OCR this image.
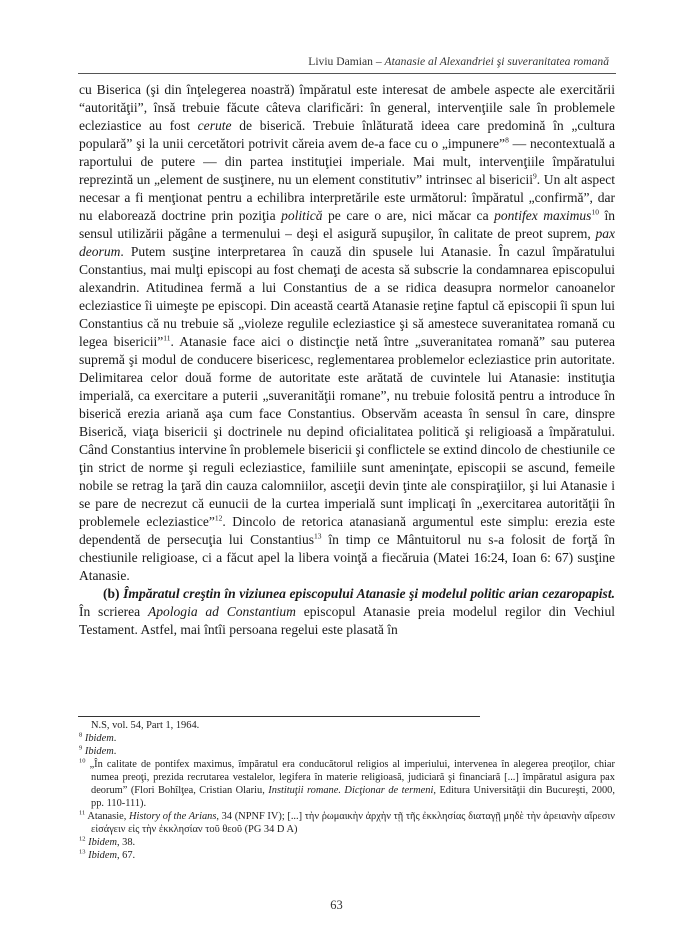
Liviu Damian – Atanasie al Alexandriei şi suveranitatea romană

cu Biserica (şi din înţelegerea noastră) împăratul este interesat de ambele aspecte ale exercitării “autorităţii”, însă trebuie făcute câteva clarificări: în general, intervenţiile sale în problemele ecleziastice au fost cerute de biserică. Trebuie înlăturată ideea care predomină în „cultura populară” şi la unii cercetători potrivit căreia avem de-a face cu o „impunere”$^8$ — necontextuală a raportului de putere — din partea instituţiei imperiale. Mai mult, intervenţiile împăratului reprezintă un „element de susţinere, nu un element constitutiv” intrinsec al bisericii$^9$. Un alt aspect necesar a fi menţionat pentru a echilibra interpretările este următorul: împăratul „confirmă”, dar nu elaborează doctrine prin poziţia politică pe care o are, nici măcar ca pontifex maximus$^{10}$ în sensul utilizării păgâne a termenului – deşi el asigură supuşilor, în calitate de preot suprem, pax deorum. Putem susţine interpretarea în cauză din spusele lui Atanasie. În cazul împăratului Constantius, mai mulţi episcopi au fost chemaţi de acesta să subscrie la condamnarea episcopului alexandrin. Atitudinea fermă a lui Constantius de a se ridica deasupra normelor canoanelor ecleziastice îi uimeşte pe episcopi. Din această ceartă Atanasie reţine faptul că episcopii îi spun lui Constantius că nu trebuie să „violeze regulile ecleziastice şi să amestece suveranitatea romană cu legea bisericii”$^{11}$. Atanasie face aici o distincţie netă între „suveranitatea romană” sau puterea supremă şi modul de conducere bisericesc, reglementarea problemelor ecleziastice prin autoritate. Delimitarea celor două forme de autoritate este arătată de cuvintele lui Atanasie: instituţia imperială, ca exercitare a puterii „suveranităţii romane”, nu trebuie folosită pentru a introduce în biserică erezia ariană aşa cum face Constantius. Observăm aceasta în sensul în care, dinspre Biserică, viaţa bisericii şi doctrinele nu depind oficialitatea politică şi religioasă a împăratului. Când Constantius intervine în problemele bisericii şi conflictele se extind dincolo de chestiunile ce ţin strict de norme şi reguli ecleziastice, familiile sunt ameninţate, episcopii se ascund, femeile nobile se retrag la ţară din cauza calomniilor, asceţii devin ţinte ale conspiraţiilor, şi lui Atanasie i se pare de necrezut că eunucii de la curtea imperială sunt implicaţi în „exercitarea autorităţii în problemele ecleziastice”$^{12}$. Dincolo de retorica atanasiană argumentul este simplu: erezia este dependentă de persecuţia lui Constantius$^{13}$ în timp ce Mântuitorul nu s-a folosit de forţă în chestiunile religioase, ci a făcut apel la libera voinţă a fiecăruia (Matei 16:24, Ioan 6: 67) susţine Atanasie.

(b) Împăratul creştin în viziunea episcopului Atanasie şi modelul politic arian cezaropapist. În scrierea Apologia ad Constantium episcopul Atanasie preia modelul regilor din Vechiul Testament. Astfel, mai întîi persoana regelui este plasată în

N.S, vol. 54, Part 1, 1964.

$^8$ Ibidem.

$^9$ Ibidem.

$^{10}$ „În calitate de pontifex maximus, împăratul era conducătorul religios al imperiului, intervenea în alegerea preoţilor, chiar numea preoţi, prezida recrutarea vestalelor, legifera în materie religioasă, judiciară şi financiară [...] împăratul asigura pax deorum” (Flori Bohîlţea, Cristian Olariu, Instituţii romane. Dicţionar de termeni, Editura Universităţii din Bucureşti, 2000, pp. 110-111).

$^{11}$ Atanasie, History of the Arians, 34 (NPNF IV); [...] τὴν ῥωμαικὴν ἀρχὴν τῇ τῆς ἐκκλησίας διαταγῇ μηδὲ τὴν ἀρειανὴν αἵρεσιν εἰσάγειν εἰς τὴν ἐκκλησίαν τοῦ θεοῦ (PG 34 D A)

$^{12}$ Ibidem, 38.

$^{13}$ Ibidem, 67.

63
